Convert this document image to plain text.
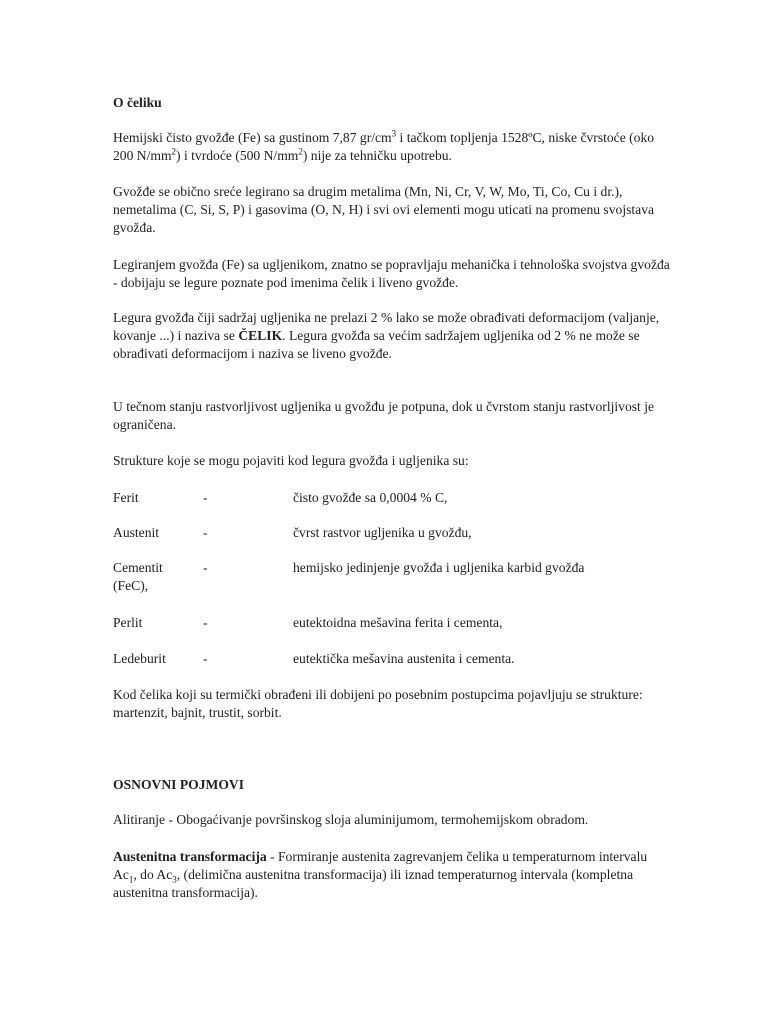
O čeliku

Hemijski čisto gvožđe (Fe) sa gustinom 7,87 $gr/cm^3$ i tačkom topljenja 1528ºC, niske čvrstoće (oko 200 $N/mm^2$) i tvrdoće (500 $N/mm^2$) nije za tehničku upotrebu.

Gvožđe se obično sreće legirano sa drugim metalima (Mn, Ni, Cr, V, W, Mo, Ti, Co, Cu i dr.), nemetalima (C, Si, S, P) i gasovima (O, N, H) i svi ovi elementi mogu uticati na promenu svojstava gvožđa.

Legiranjem gvožđa (Fe) sa ugljenikom, znatno se popravljaju mehanička i tehnološka svojstva gvožđa - dobijaju se legure poznate pod imenima čelik i liveno gvožđe.

Legura gvožđa čiji sadržaj ugljenika ne prelazi 2 % lako se može obrađivati deformacijom (valjanje, kovanje ...) i naziva se ČELIK. Legura gvožđa sa većim sadržajem ugljenika od 2 % ne može se obrađivati deformacijom i naziva se liveno gvožđe.

U tečnom stanju rastvorljivost ugljenika u gvožđu je potpuna, dok u čvrstom stanju rastvorljivost je ograničena.

Strukture koje se mogu pojaviti kod legura gvožđa i ugljenika su:

Ferit	-	čisto gvožđe sa 0,0004 % C,
Austenit	-	čvrst rastvor ugljenika u gvožđu,
Cementit	-	hemijsko jedinjenje gvožđa i ugljenika karbid gvožđa
(FeC),
Perlit	-	eutektoidna mešavina ferita i cementa,
Ledeburit	-	eutektička mešavina austenita i cementa.

Kod čelika koji su termički obrađeni ili dobijeni po posebnim postupcima pojavljuju se strukture: martenzit, bajnit, trustit, sorbit.

OSNOVNI POJMOVI

Alitiranje - Obogaćivanje površinskog sloja aluminijumom, termohemijskom obradom.

Austenitna transformacija - Formiranje austenita zagrevanjem čelika u temperaturnom intervalu $Ac_1$, do $Ac_3$, (delimična austenitna transformacija) ili iznad temperaturnog intervala (kompletna austenitna transformacija).
